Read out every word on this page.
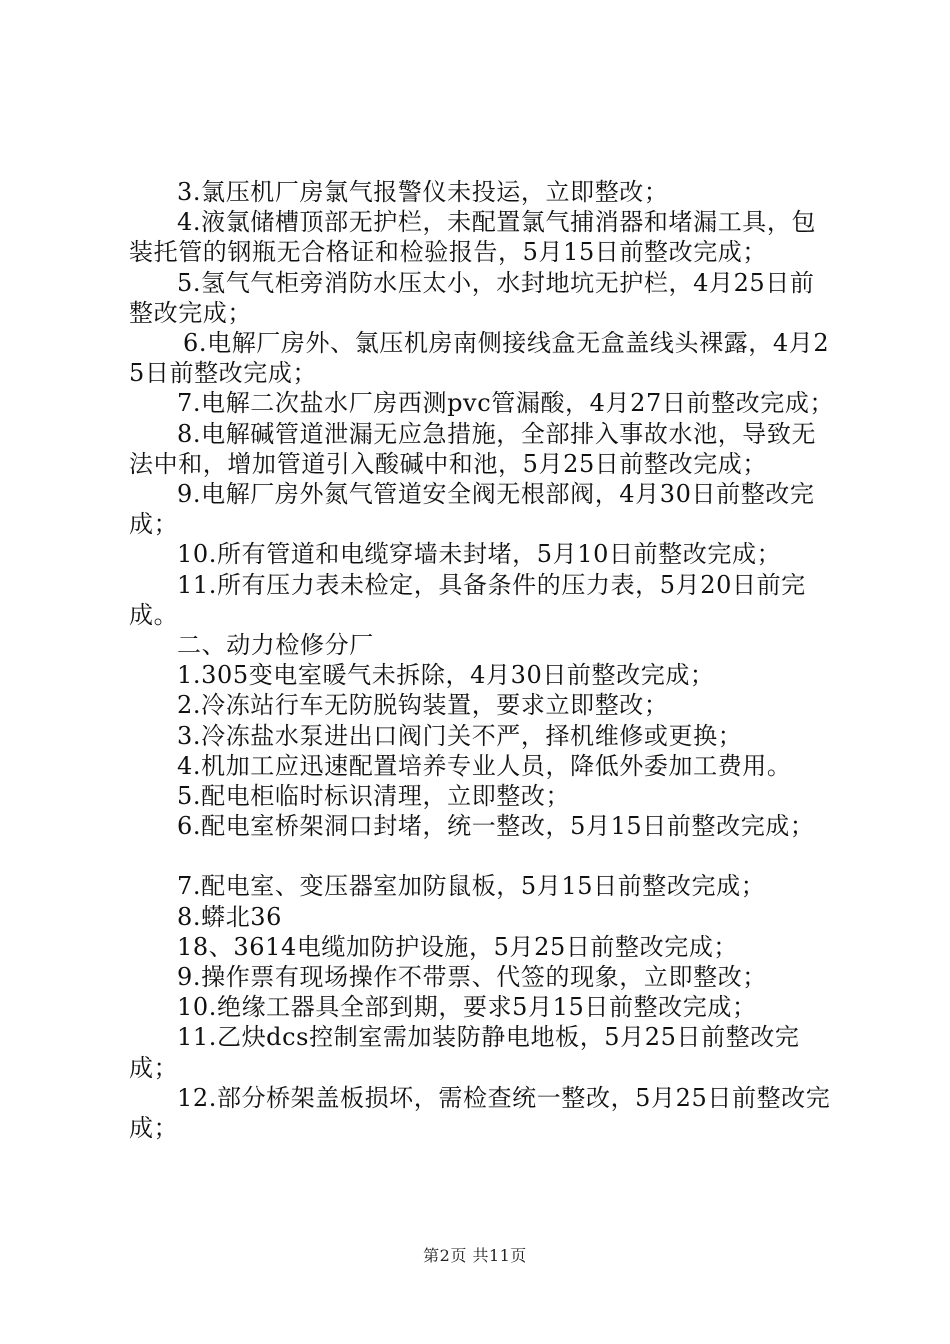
3.氯压机厂房氯气报警仪未投运，立即整改；

4.液氯储槽顶部无护栏，未配置氯气捕消器和堵漏工具，包装托管的钢瓶无合格证和检验报告，5月15日前整改完成；

5.氢气气柜旁消防水压太小，水封地坑无护栏，4月25日前整改完成；

6.电解厂房外、氯压机房南侧接线盒无盒盖线头裸露，4月25日前整改完成；

7.电解二次盐水厂房西测pvc管漏酸，4月27日前整改完成；

8.电解碱管道泄漏无应急措施，全部排入事故水池，导致无法中和，增加管道引入酸碱中和池，5月25日前整改完成；

9.电解厂房外氮气管道安全阀无根部阀，4月30日前整改完成；

10.所有管道和电缆穿墙未封堵，5月10日前整改完成；

11.所有压力表未检定，具备条件的压力表，5月20日前完成。

二、动力检修分厂

1.305变电室暖气未拆除，4月30日前整改完成；

2.冷冻站行车无防脱钩装置，要求立即整改；

3.冷冻盐水泵进出口阀门关不严，择机维修或更换；

4.机加工应迅速配置培养专业人员，降低外委加工费用。

5.配电柜临时标识清理，立即整改；

6.配电室桥架洞口封堵，统一整改，5月15日前整改完成；

7.配电室、变压器室加防鼠板，5月15日前整改完成；

8.蟒北36

18、3614电缆加防护设施，5月25日前整改完成；

9.操作票有现场操作不带票、代签的现象，立即整改；

10.绝缘工器具全部到期，要求5月15日前整改完成；

11.乙炔dcs控制室需加装防静电地板，5月25日前整改完成；

12.部分桥架盖板损坏，需检查统一整改，5月25日前整改完成；

第2页 共11页
